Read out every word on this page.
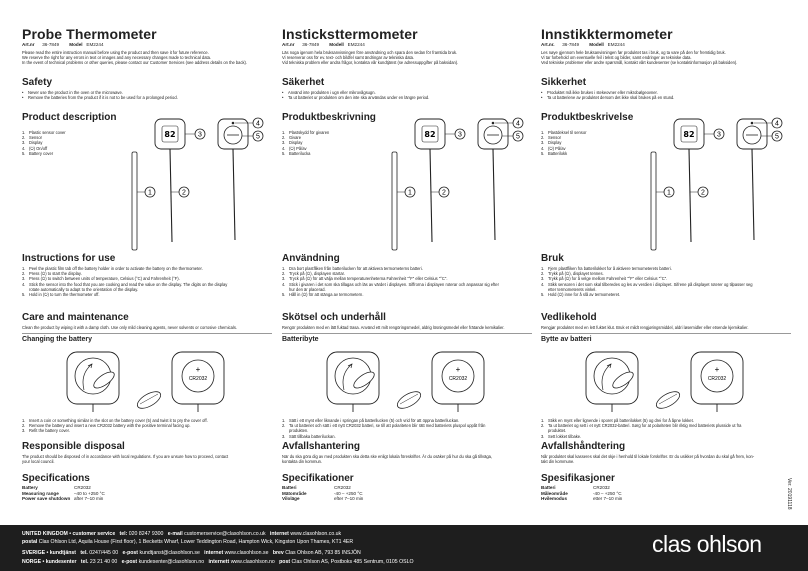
Probe Thermometer
Art.nr 36-7849 Model EM2244
Please read the entire instruction manual before using the product and then save it for future reference.
We reserve the right for any errors in text or images and any necessary changes made to technical data.
In the event of technical problems or other queries, please contact our Customer Services (see address details on the back).
Safety
• Never use the product in the oven or the microwave.
• Remove the batteries from the product if it is not to be used for a prolonged period.
Product description
1. Plastic sensor cover
2. Sensor
3. Display
4. (⏻) On/off
5. Battery cover
82
1	2
3
4
5
Instructions for use
1. Peel the plastic film tab off the battery holder in order to activate the battery on the thermometer.
2. Press (⏻) to start the display.
3. Press (⏻) to switch between units of temperature, Celsius (°C) and Fahrenheit (°F).
4. Stick the sensor into the food that you are cooking and read the value on the display. The digits on the display
rotate automatically to adapt to the orientation of the display.
5. Hold in (⏻) to turn the thermometer off.
Care and maintenance
Clean the product by wiping it with a damp cloth. Use only mild cleaning agents, never solvents or corrosive chemicals.
Changing the battery
+
CR2032
1. Insert a coin or something similar in the slot on the battery cover (5) and twist it to pry the cover off.
2. Remove the battery and insert a new CR2032 battery with the positive terminal facing up.
3. Refit the battery cover.
Responsible disposal
The product should be disposed of in accordance with local regulations. If you are unsure how to proceed, contact
your local council.
Specifications
Battery	CR2032
Measuring range	–40 to +250 °C
Power save shutdown after 7–10 min
Insticksttermometer
Art.nr 36-7849 Modell EM2244
Läs noga igenom hela bruksanvisningen före användning och spara den sedan för framtida bruk.
Vi reserverar oss för ev. text- och bildfel samt ändringar av tekniska data.
Vid tekniska problem eller andra frågor, kontakta vår kundtjänst (se adressuppgifter på baksidan).
Säkerhet
• Använd inte produkten i ugn eller mikrovågsugn.
• Ta ut batteriet ur produkten om den inte ska användas under en längre period.
Produktbeskrivning
1. Plastskydd för givaren
2. Givare
3. Display
4. (⏻) På/av
5. Batterilucka
82
1	2
3
4
5
Användning
1. Dra bort plastfliken från batterilucken för att aktivera termometerns batteri.
2. Tryck på (⏻), displayen startar.
3. Tryck på (⏻) för att välja mellan temperaturenheterna Fahrenheit "°F" eller Celsius "°C".
4. Stick i givaren i det som ska tillagas och läs av värdet i displayen. Siffrorna i displayen roterar och anpassar sig efter
hur den är placerad.
5. Håll in (⏻) för att stänga av termometern.
Skötsel och underhåll
Rengör produkten med en lätt fuktad trasa. Använd ett milt rengöringsmedel, aldrig lösningsmedel eller frätande kemikalier.
Batteribyte
+
CR2032
1. Sätt i ett mynt eller liknande i springan på batterilucken (5) och vrid för att öppna batteriluckan.
2. Ta ut batteriet och sätt i ett nytt CR2032 batteri, se till att polariteten blir rätt med batteriets pluspol uppåt från
produkten.
3. Sätt tillbaka batteriluckan.
Avfallshantering
När du ska göra dig av med produkten ska detta ske enligt lokala föreskrifter. Är du osäker på hur du ska gå tillväga,
kontakta din kommun.
Specifikationer
Batteri	CR2032
Mätområde	-40 – +250 °C
Viloläge	efter 7–10 min
Innstikktermometer
Art.nr. 36-7849 Modell EM2244
Les nøye gjennom hele bruksanvisningen før produktet tas i bruk, og ta vare på den for fremtidig bruk.
Vi tar forbehold om eventuelle feil i tekst og bilder, samt endringer av tekniske data.
Ved tekniske problemer eller andre spørsmål, kontakt vårt kundesenter (se kontaktinformasjon på baksiden).
Sikkerhet
• Produktet må ikke brukes i stekeovner eller mikrobølgeovner.
• Ta ut batteriene av produktet dersom det ikke skal brukes på en stund.
Produktbeskrivelse
1. Plastdeksel til sensor
2. Sensor
3. Display
4. (⏻) På/av
5. Batterilokk
82
1	2
3
4
5
Bruk
1. Fjern plastfliken fra batterilokket for å aktivere termometerets batteri.
2. Trykk på (⏻), displayet tennes.
3. Trykk på (⏻) for å velge mellom Fahrenheit "°F" eller Celsius "°C".
4. Stikk sensoren i det som skal tilberedes og les av verdien i displayet. Sifrene på displayet roterer og tilpasser seg
etter termometerets vinkel.
5. Hold (⏻) inne for å slå av termometeret.
Vedlikehold
Rengjør produktet med en lett fuktet klut. Bruk et mildt rengjøringsmiddel, aldri løsemidler eller etsende kjemikalier.
Bytte av batteri
+
CR2032
1. Stikk en mynt eller lignende i sporet på batterilokket (5) og drei for å åpne lokket.
2. Ta ut batteriet og sett i et nytt CR2032-batteri. Sørg for at polariteten blir riktig med batteriets plusside ut fra
produktet.
3. Sett lokket tilbake.
Avfallshåndtering
Når produktet skal kasseres skal det skje i henhold til lokale forskrifter. Er du usikker på hvordan du skal gå frem, kon-
takt din kommune.
Spesifikasjoner
Batteri	CR2032
Måleområde	-40 – +250 °C
Hvilemodus	etter 7–10 min	Ver. 20191118
UNITED KINGDOM • customer service tel: 020 8247 9300 e-mail customerservice@clasohlson.co.uk internet www.clasohlson.co.uk
postal Clas Ohlson Ltd, Aquila House (First floor), 1 Becketts Wharf, Lower Teddington Road, Hampton Wick, Kingston Upon Thames, KT1 4ER
SVERIGE • kundtjänst tel. 0247/445 00 e-post kundtjanst@clasohlson.se internet www.clasohlson.se brev Clas Ohlson AB, 793 85 INSJÖN
NORGE • kundesenter tel. 23 21 40 00 e-post kundesenter@clasohlson.no internett www.clasohlson.no post Clas Ohlson AS, Postboks 485 Sentrum, 0105 OSLO
clas ohlson
